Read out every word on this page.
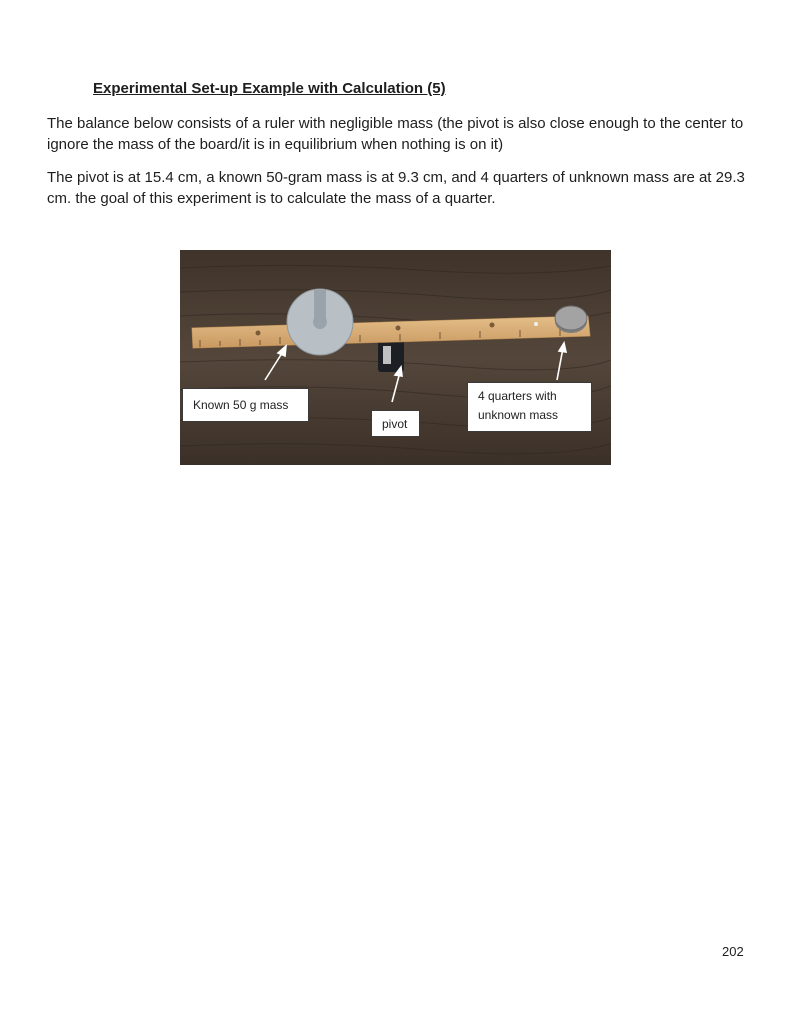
Experimental Set-up Example with Calculation (5)

The balance below consists of a ruler with negligible mass (the pivot is also close enough to the center to ignore the mass of the board/it is in equilibrium when nothing is on it)

The pivot is at 15.4 cm, a known 50-gram mass is at 9.3 cm, and 4 quarters of unknown mass are at 29.3 cm. the goal of this experiment is to calculate the mass of a quarter.

Known 50 g mass
pivot
4 quarters with
unknown mass

202
